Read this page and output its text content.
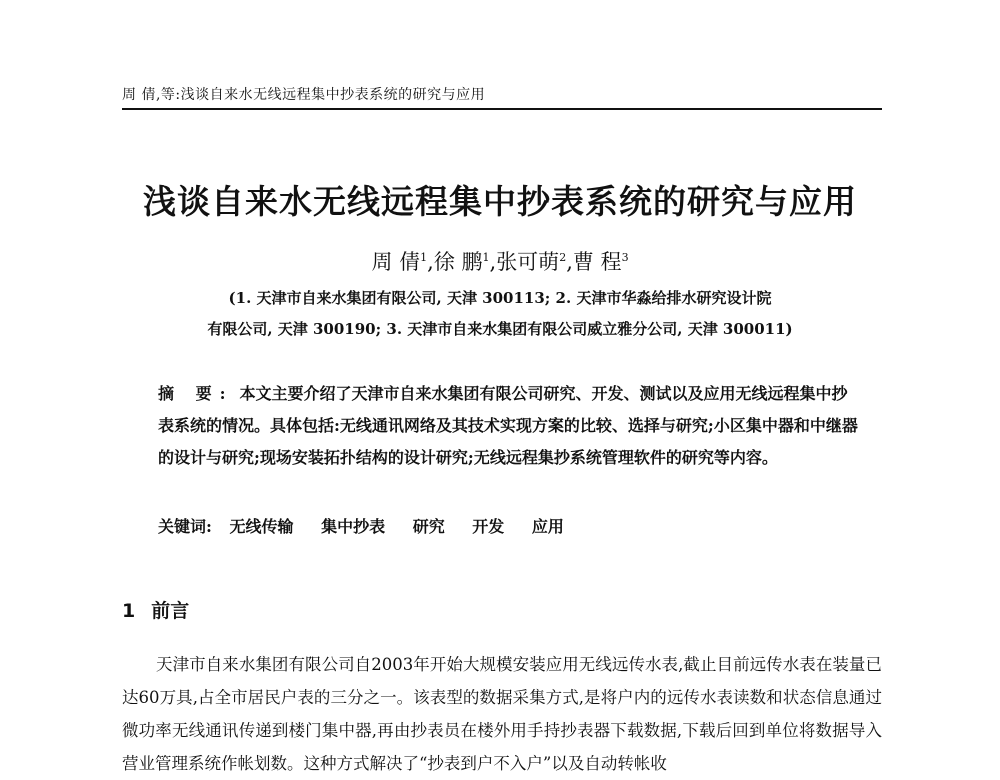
周 倩,等:浅谈自来水无线远程集中抄表系统的研究与应用
浅谈自来水无线远程集中抄表系统的研究与应用
周 倩$^1$,徐 鹏$^1$,张可萌$^2$,曹 程$^3$
(1. 天津市自来水集团有限公司, 天津 300113; 2. 天津市华淼给排水研究设计院
有限公司, 天津 300190; 3. 天津市自来水集团有限公司威立雅分公司, 天津 300011)
摘 要: 本文主要介绍了天津市自来水集团有限公司研究、开发、测试以及应用无线远程集中抄表系统的情况。具体包括:无线通讯网络及其技术实现方案的比较、选择与研究;小区集中器和中继器的设计与研究;现场安装拓扑结构的设计研究;无线远程集抄系统管理软件的研究等内容。
关键词: 无线传输 集中抄表 研究 开发 应用
1 前言
天津市自来水集团有限公司自2003年开始大规模安装应用无线远传水表,截止目前远传水表在装量已达60万具,占全市居民户表的三分之一。该表型的数据采集方式,是将户内的远传水表读数和状态信息通过微功率无线通讯传递到楼门集中器,再由抄表员在楼外用手持抄表器下载数据,下载后回到单位将数据导入营业管理系统作帐划数。这种方式解决了“抄表到户不入户”以及自动转帐收
